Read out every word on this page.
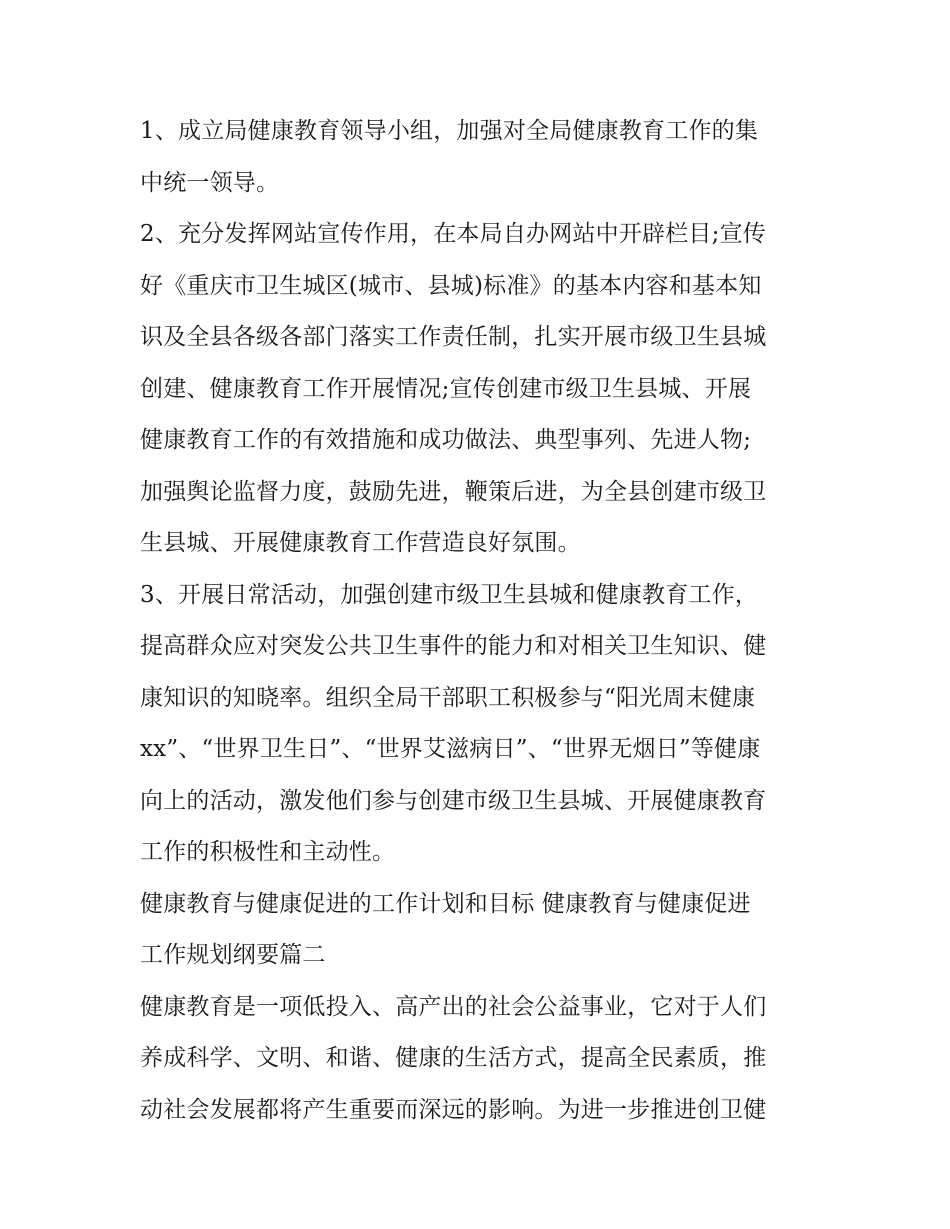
1、成立局健康教育领导小组，加强对全局健康教育工作的集
中统一领导。
2、充分发挥网站宣传作用，在本局自办网站中开辟栏目;宣传
好《重庆市卫生城区(城市、县城)标准》的基本内容和基本知
识及全县各级各部门落实工作责任制，扎实开展市级卫生县城
创建、健康教育工作开展情况;宣传创建市级卫生县城、开展
健康教育工作的有效措施和成功做法、典型事列、先进人物;
加强舆论监督力度，鼓励先进，鞭策后进，为全县创建市级卫
生县城、开展健康教育工作营造良好氛围。
3、开展日常活动，加强创建市级卫生县城和健康教育工作，
提高群众应对突发公共卫生事件的能力和对相关卫生知识、健
康知识的知晓率。组织全局干部职工积极参与“阳光周末健康
xx”、“世界卫生日”、“世界艾滋病日”、“世界无烟日”等健康
向上的活动，激发他们参与创建市级卫生县城、开展健康教育
工作的积极性和主动性。
健康教育与健康促进的工作计划和目标 健康教育与健康促进
工作规划纲要篇二
健康教育是一项低投入、高产出的社会公益事业，它对于人们
养成科学、文明、和谐、健康的生活方式，提高全民素质，推
动社会发展都将产生重要而深远的影响。为进一步推进创卫健
